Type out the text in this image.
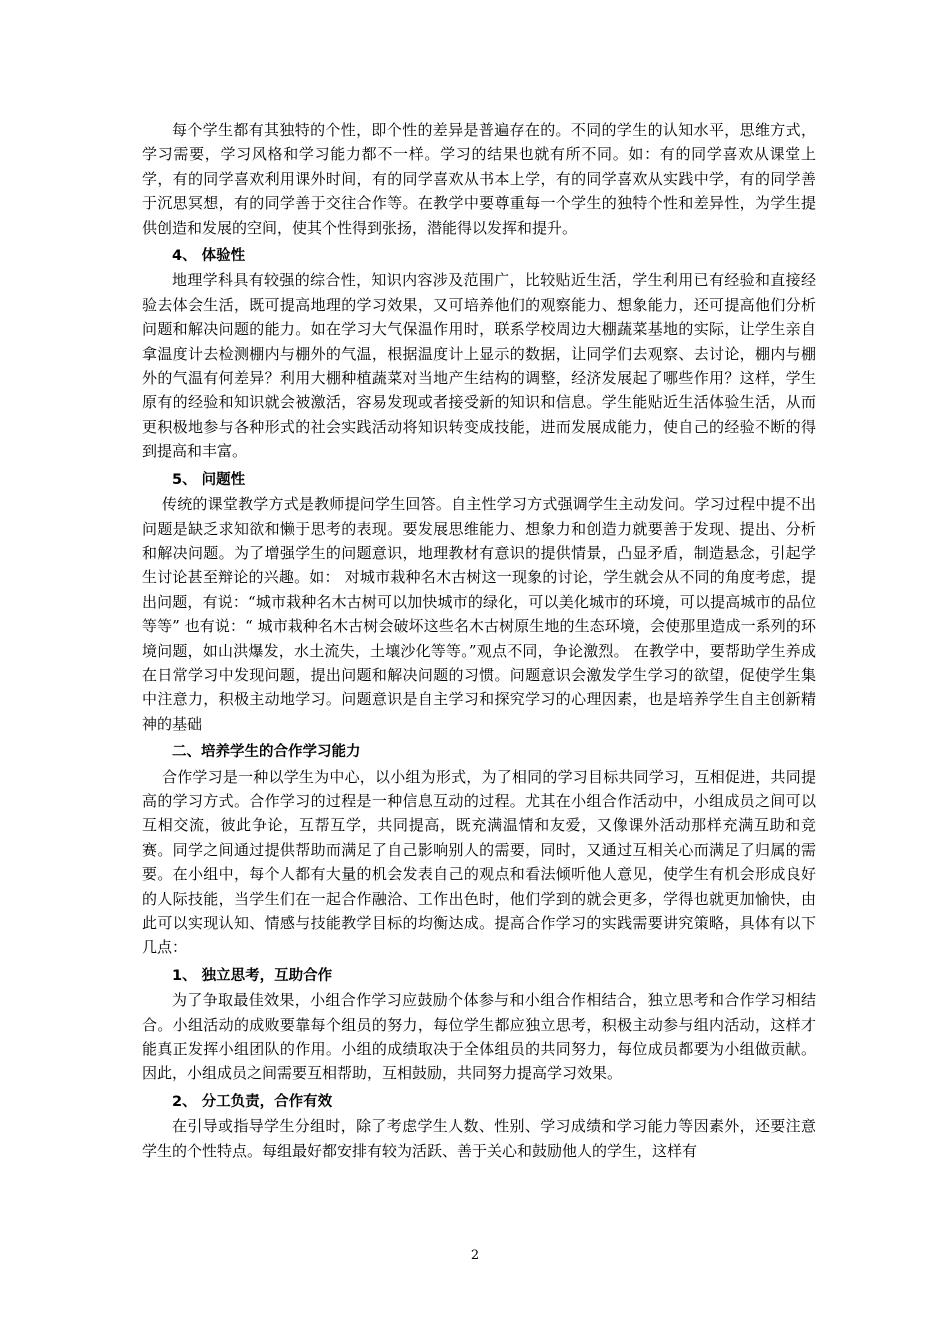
每个学生都有其独特的个性，即个性的差异是普遍存在的。不同的学生的认知水平，思维方式，学习需要，学习风格和学习能力都不一样。学习的结果也就有所不同。如：有的同学喜欢从课堂上学，有的同学喜欢利用课外时间，有的同学喜欢从书本上学，有的同学喜欢从实践中学，有的同学善于沉思冥想，有的同学善于交往合作等。在教学中要尊重每一个学生的独特个性和差异性，为学生提供创造和发展的空间，使其个性得到张扬，潜能得以发挥和提升。

4、 体验性

地理学科具有较强的综合性，知识内容涉及范围广，比较贴近生活，学生利用已有经验和直接经验去体会生活，既可提高地理的学习效果，又可培养他们的观察能力、想象能力，还可提高他们分析问题和解决问题的能力。如在学习大气保温作用时，联系学校周边大棚蔬菜基地的实际，让学生亲自拿温度计去检测棚内与棚外的气温，根据温度计上显示的数据，让同学们去观察、去讨论，棚内与棚外的气温有何差异？利用大棚种植蔬菜对当地产生结构的调整，经济发展起了哪些作用？这样，学生原有的经验和知识就会被激活，容易发现或者接受新的知识和信息。学生能贴近生活体验生活，从而更积极地参与各种形式的社会实践活动将知识转变成技能，进而发展成能力，使自己的经验不断的得到提高和丰富。

5、 问题性

传统的课堂教学方式是教师提问学生回答。自主性学习方式强调学生主动发问。学习过程中提不出问题是缺乏求知欲和懒于思考的表现。要发展思维能力、想象力和创造力就要善于发现、提出、分析和解决问题。为了增强学生的问题意识，地理教材有意识的提供情景，凸显矛盾，制造悬念，引起学生讨论甚至辩论的兴趣。如： 对城市栽种名木古树这一现象的讨论，学生就会从不同的角度考虑，提出问题，有说：“城市栽种名木古树可以加快城市的绿化，可以美化城市的环境，可以提高城市的品位等等” 也有说：“ 城市栽种名木古树会破坏这些名木古树原生地的生态环境，会使那里造成一系列的环境问题，如山洪爆发，水土流失，土壤沙化等等。”观点不同，争论激烈。 在教学中，要帮助学生养成在日常学习中发现问题，提出问题和解决问题的习惯。问题意识会激发学生学习的欲望，促使学生集中注意力，积极主动地学习。问题意识是自主学习和探究学习的心理因素，也是培养学生自主创新精神的基础

二、培养学生的合作学习能力

合作学习是一种以学生为中心，以小组为形式，为了相同的学习目标共同学习，互相促进，共同提高的学习方式。合作学习的过程是一种信息互动的过程。尤其在小组合作活动中，小组成员之间可以互相交流，彼此争论，互帮互学，共同提高，既充满温情和友爱，又像课外活动那样充满互助和竞赛。同学之间通过提供帮助而满足了自己影响别人的需要，同时，又通过互相关心而满足了归属的需要。在小组中，每个人都有大量的机会发表自己的观点和看法倾听他人意见，使学生有机会形成良好的人际技能，当学生们在一起合作融洽、工作出色时，他们学到的就会更多，学得也就更加愉快，由此可以实现认知、情感与技能教学目标的均衡达成。提高合作学习的实践需要讲究策略，具体有以下几点：

1、 独立思考，互助合作

为了争取最佳效果，小组合作学习应鼓励个体参与和小组合作相结合，独立思考和合作学习相结合。小组活动的成败要靠每个组员的努力，每位学生都应独立思考，积极主动参与组内活动，这样才能真正发挥小组团队的作用。小组的成绩取决于全体组员的共同努力，每位成员都要为小组做贡献。因此，小组成员之间需要互相帮助，互相鼓励，共同努力提高学习效果。

2、 分工负责，合作有效

在引导或指导学生分组时，除了考虑学生人数、性别、学习成绩和学习能力等因素外，还要注意学生的个性特点。每组最好都安排有较为活跃、善于关心和鼓励他人的学生，这样有

2
